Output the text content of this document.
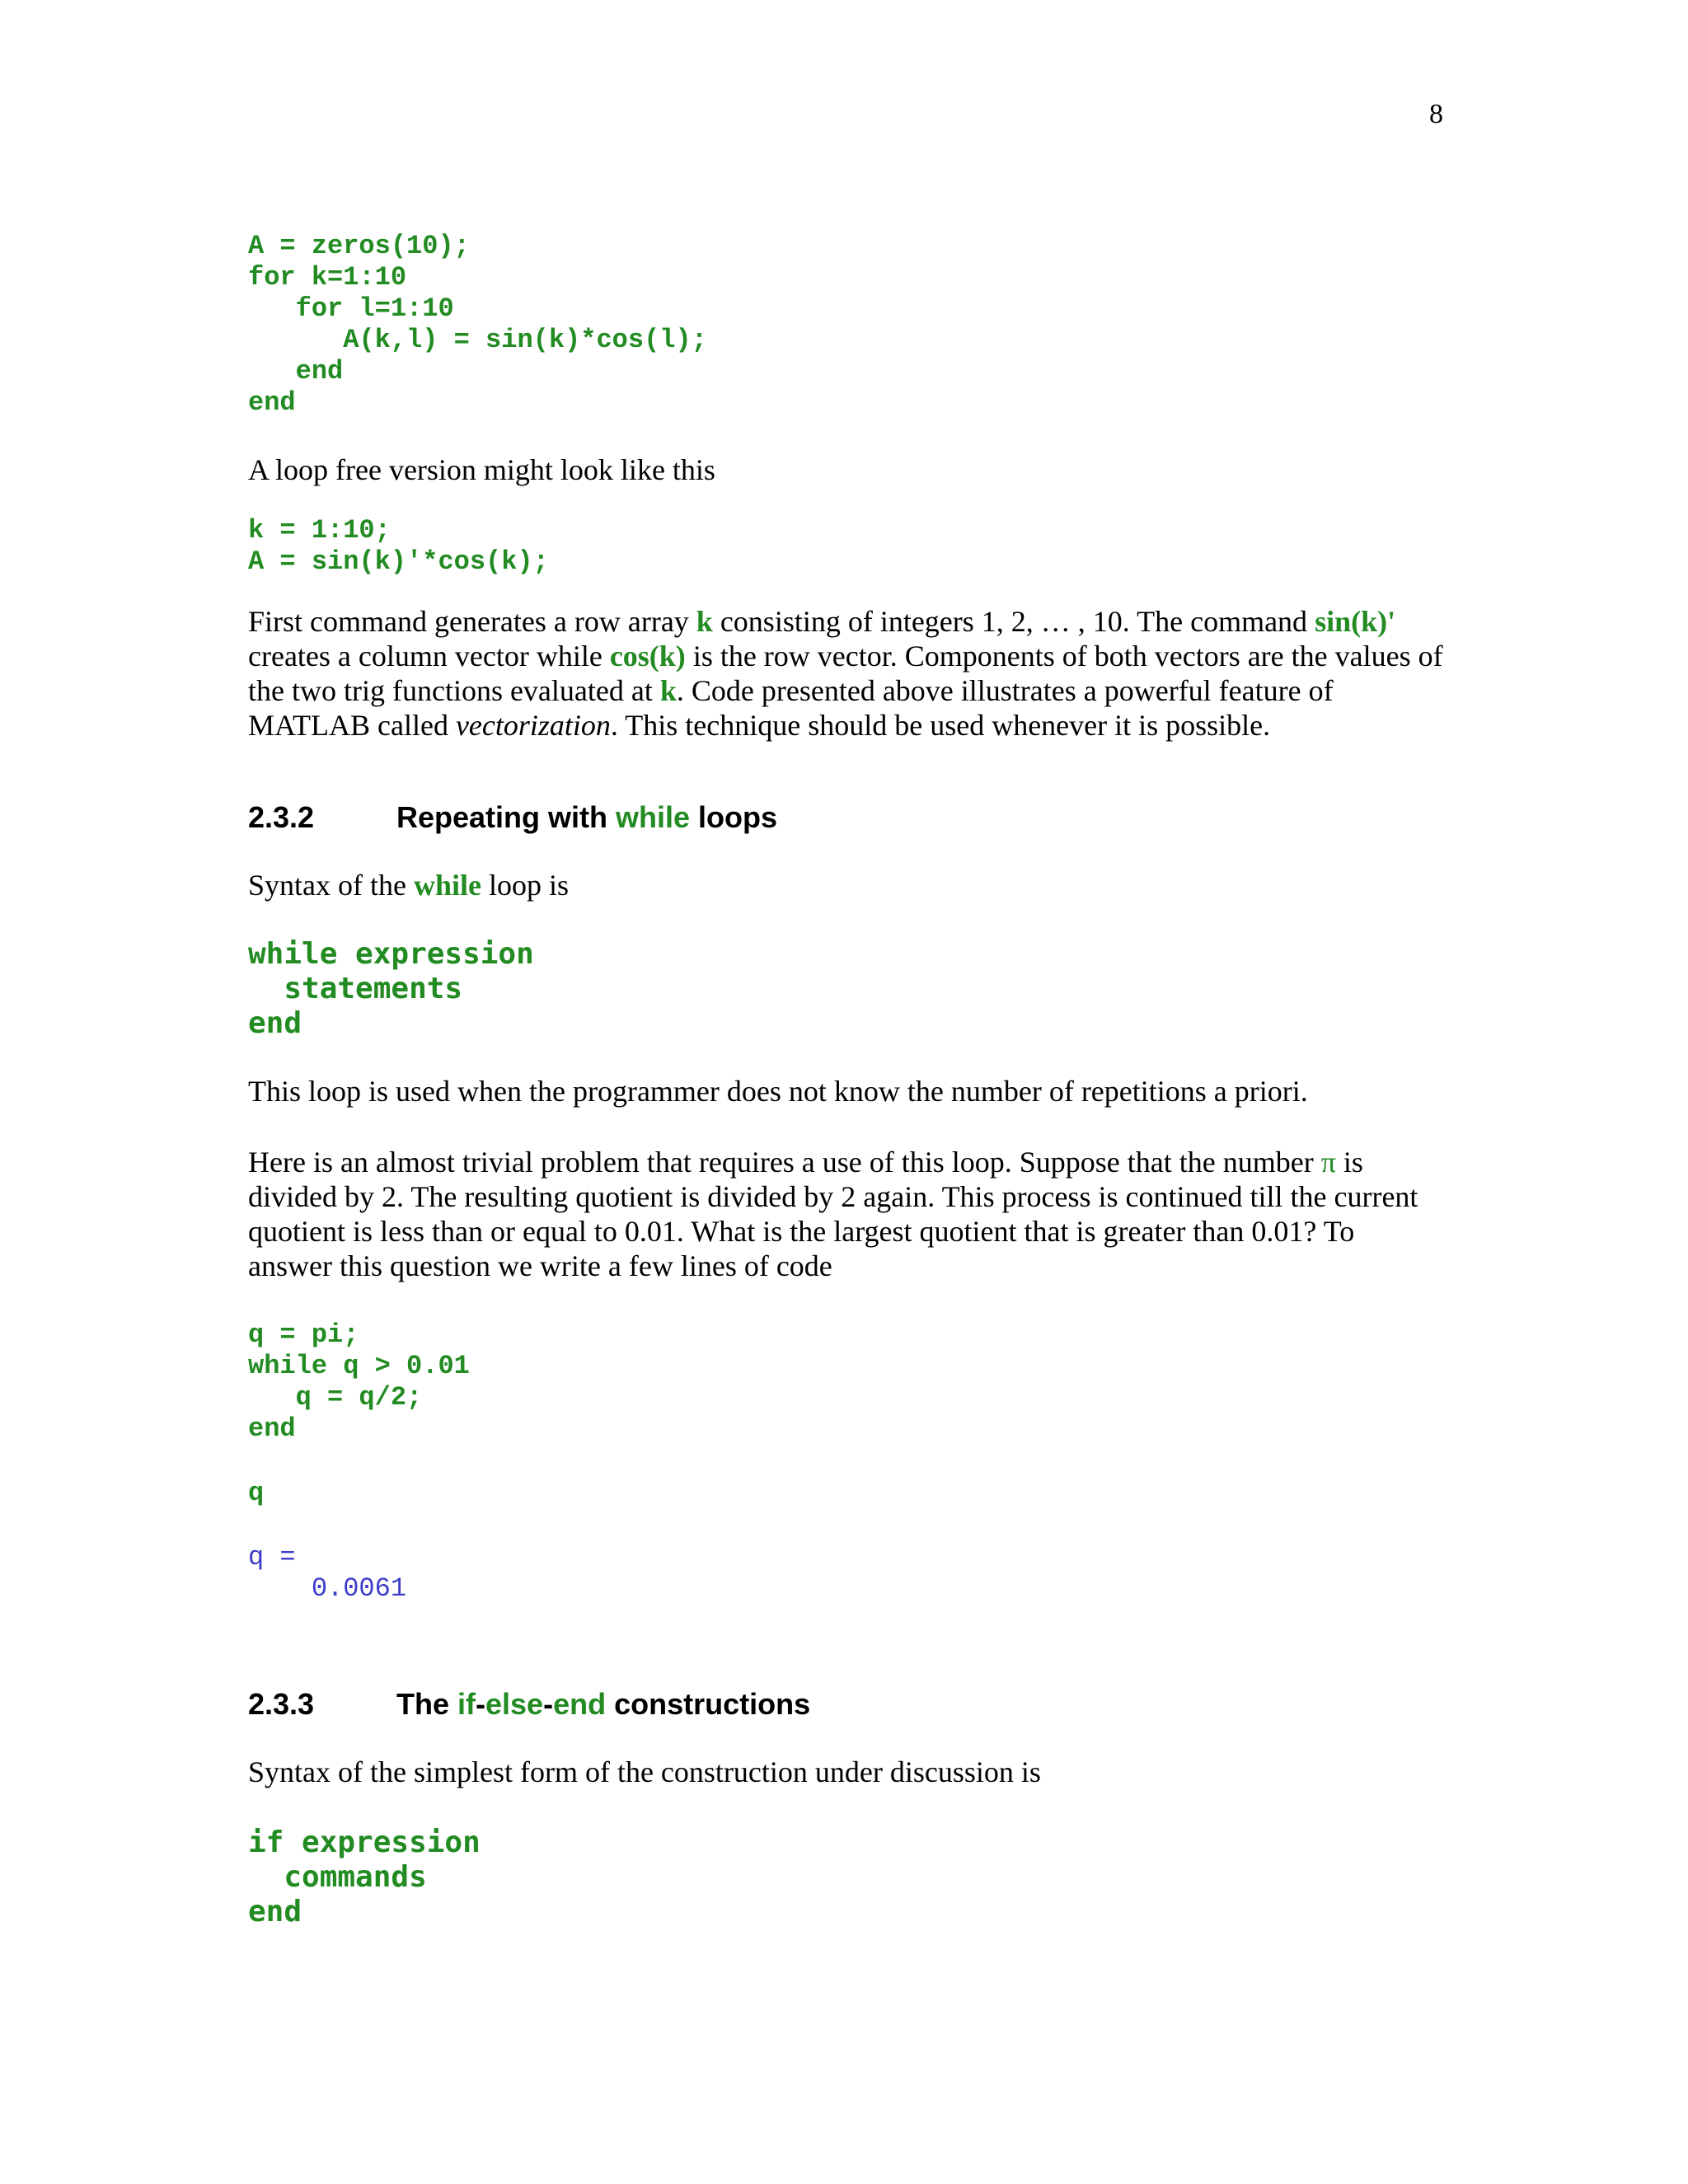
8
A = zeros(10);
for k=1:10
for l=1:10
A(k,l) = sin(k)*cos(l);
end
end

A loop free version might look like this

k = 1:10;
A = sin(k)'*cos(k);

First command generates a row array k consisting of integers 1, 2, … , 10. The command sin(k)' creates a column vector while cos(k) is the row vector. Components of both vectors are the values of the two trig functions evaluated at k. Code presented above illustrates a powerful feature of MATLAB called vectorization. This technique should be used whenever it is possible.

2.3.2	Repeating with while loops

Syntax of the while loop is

while expression
statements
end

This loop is used when the programmer does not know the number of repetitions a priori.

Here is an almost trivial problem that requires a use of this loop. Suppose that the number π is divided by 2. The resulting quotient is divided by 2 again. This process is continued till the current quotient is less than or equal to 0.01. What is the largest quotient that is greater than 0.01? To answer this question we write a few lines of code

q = pi;
while q > 0.01
q = q/2;
end
q
q =
0.0061
2.3.3	The if-else-end constructions

Syntax of the simplest form of the construction under discussion is

if expression
commands
end
